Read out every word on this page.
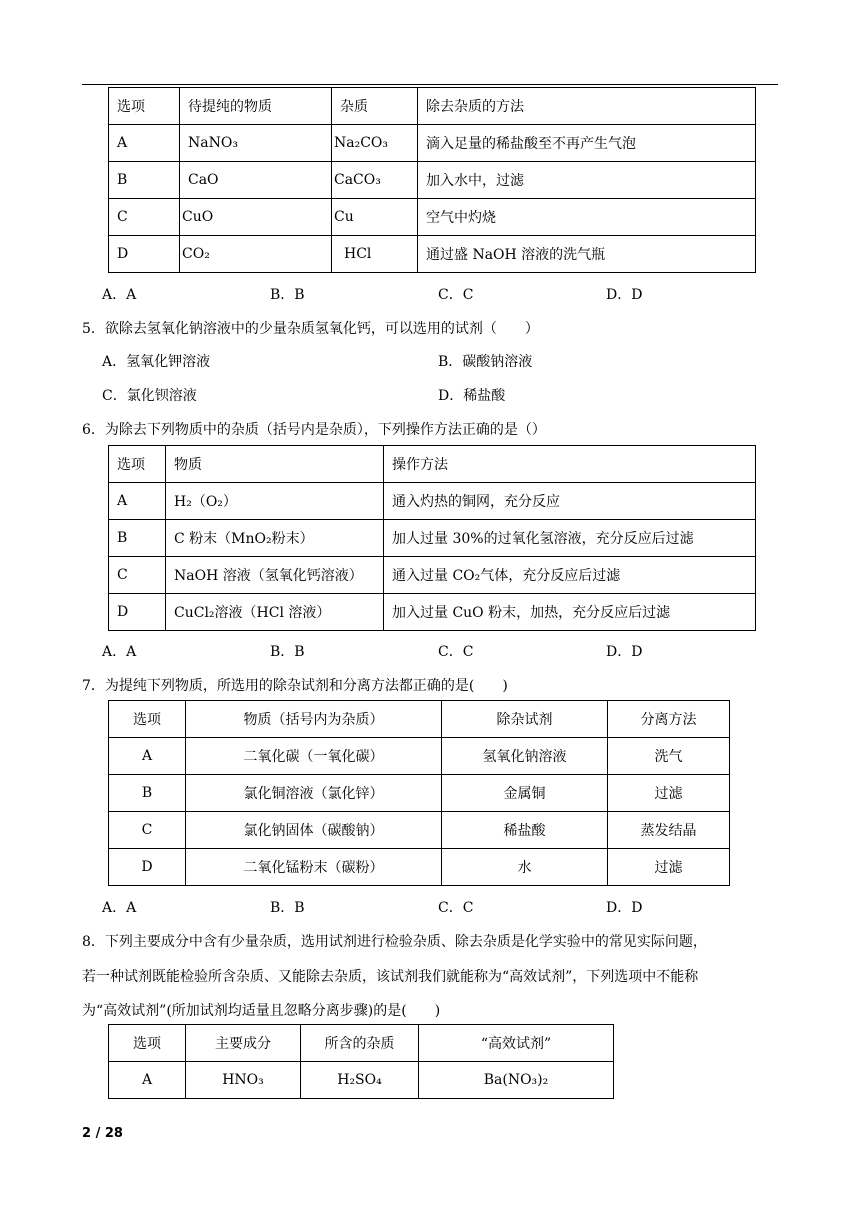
选项	待提纯的物质	杂质	除去杂质的方法
A	NaNO₃	Na₂CO₃	滴入足量的稀盐酸至不再产生气泡
B	CaO	CaCO₃	加入水中，过滤
C	CuO	Cu	空气中灼烧
D	CO₂	HCl	通过盛 NaOH 溶液的洗气瓶
A．A	B．B	C．C	D．D
5．欲除去氢氧化钠溶液中的少量杂质氢氧化钙，可以选用的试剂（　　）
A．氢氧化钾溶液	B．碳酸钠溶液
C．氯化钡溶液	D．稀盐酸
6．为除去下列物质中的杂质（括号内是杂质），下列操作方法正确的是（）
选项	物质	操作方法
A	H₂（O₂）	通入灼热的铜网，充分反应
B	C 粉末（MnO₂粉末）	加人过量 30%的过氧化氢溶液，充分反应后过滤
C	NaOH 溶液（氢氧化钙溶液）	通入过量 CO₂气体，充分反应后过滤
D	CuCl₂溶液（HCl 溶液）	加入过量 CuO 粉末，加热，充分反应后过滤
A．A	B．B	C．C	D．D
7．为提纯下列物质，所选用的除杂试剂和分离方法都正确的是(　　)
选项	物质（括号内为杂质）	除杂试剂	分离方法
A	二氧化碳（一氧化碳）	氢氧化钠溶液	洗气
B	氯化铜溶液（氯化锌）	金属铜	过滤
C	氯化钠固体（碳酸钠）	稀盐酸	蒸发结晶
D	二氧化锰粉末（碳粉）	水	过滤
A．A	B．B	C．C	D．D
8．下列主要成分中含有少量杂质，选用试剂进行检验杂质、除去杂质是化学实验中的常见实际问题，
若一种试剂既能检验所含杂质、又能除去杂质，该试剂我们就能称为“高效试剂”，下列选项中不能称
为“高效试剂”(所加试剂均适量且忽略分离步骤)的是(　　)
选项	主要成分	所含的杂质	“高效试剂”
A	HNO₃	H₂SO₄	Ba(NO₃)₂
2 / 28
